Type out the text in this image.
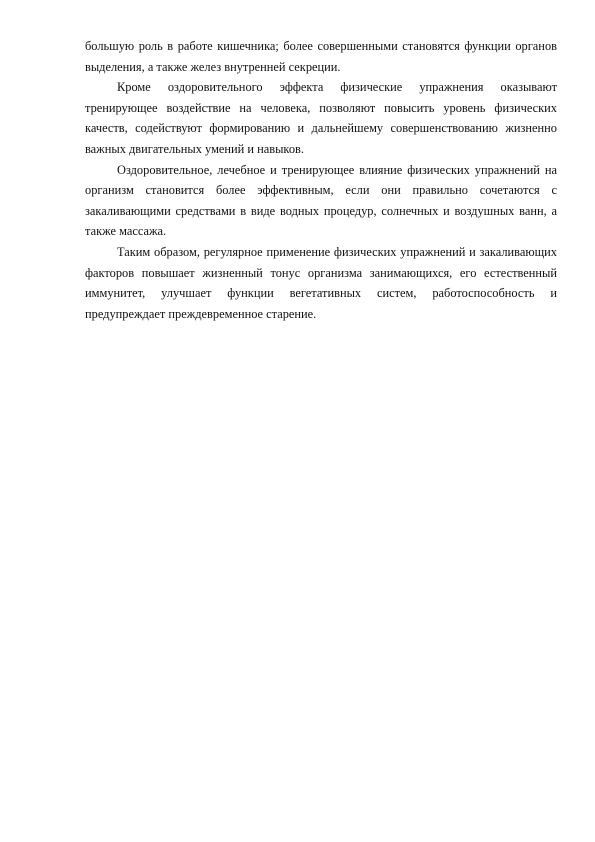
большую роль в работе кишечника; более совершенными становятся функции органов выделения, а также желез внутренней секреции.

Кроме оздоровительного эффекта физические упражнения оказывают тренирующее воздействие на человека, позволяют повысить уровень физических качеств, содействуют формированию и дальнейшему совершенствованию жизненно важных двигательных умений и навыков.

Оздоровительное, лечебное и тренирующее влияние физических упражнений на организм становится более эффективным, если они правильно сочетаются с закаливающими средствами в виде водных процедур, солнечных и воздушных ванн, а также массажа.

Таким образом, регулярное применение физических упражнений и закаливающих факторов повышает жизненный тонус организма занимающихся, его естественный иммунитет, улучшает функции вегетативных систем, работоспособность и предупреждает преждевременное старение.
